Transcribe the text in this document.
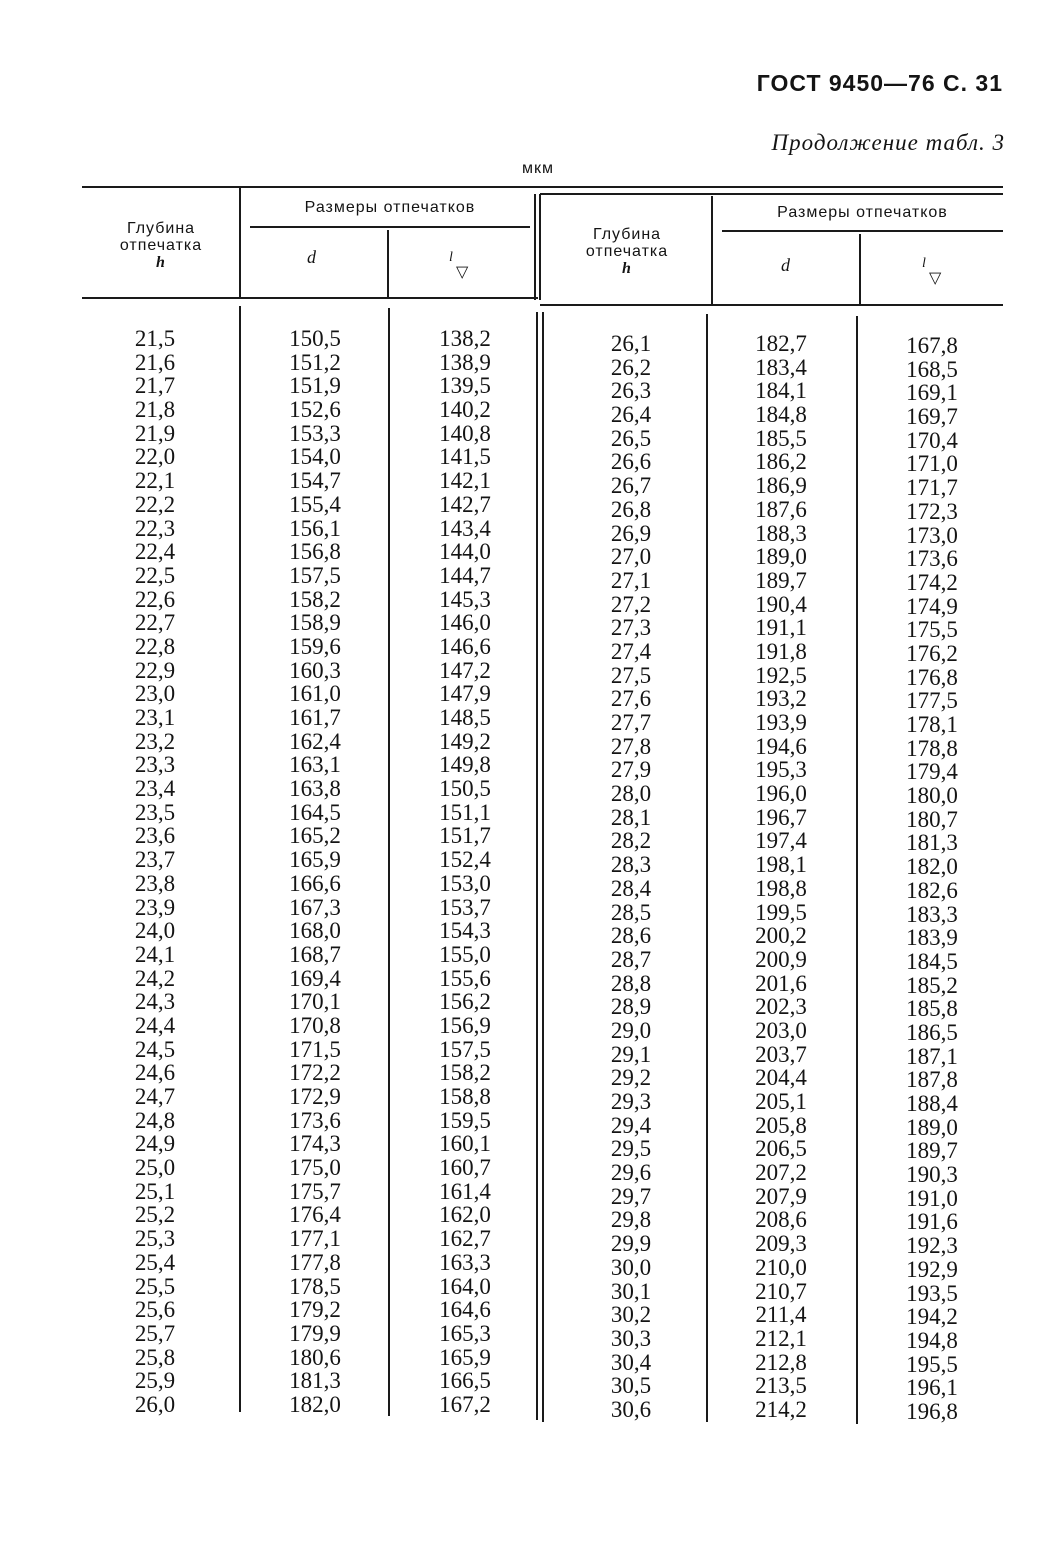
ГОСТ 9450—76 С. 31
Продолжение табл. 3
мкм
Глубина
отпечатка
h
Размеры отпечатков
d	l
▽
Глубина
отпечатка
h
Размеры отпечатков
d	l
▽
21,5
21,6
21,7
21,8
21,9
22,0
22,1
22,2
22,3
22,4
22,5
22,6
22,7
22,8
22,9
23,0
23,1
23,2
23,3
23,4
23,5
23,6
23,7
23,8
23,9
24,0
24,1
24,2
24,3
24,4
24,5
24,6
24,7
24,8
24,9
25,0
25,1
25,2
25,3
25,4
25,5
25,6
25,7
25,8
25,9
26,0
150,5
151,2
151,9
152,6
153,3
154,0
154,7
155,4
156,1
156,8
157,5
158,2
158,9
159,6
160,3
161,0
161,7
162,4
163,1
163,8
164,5
165,2
165,9
166,6
167,3
168,0
168,7
169,4
170,1
170,8
171,5
172,2
172,9
173,6
174,3
175,0
175,7
176,4
177,1
177,8
178,5
179,2
179,9
180,6
181,3
182,0
138,2
138,9
139,5
140,2
140,8
141,5
142,1
142,7
143,4
144,0
144,7
145,3
146,0
146,6
147,2
147,9
148,5
149,2
149,8
150,5
151,1
151,7
152,4
153,0
153,7
154,3
155,0
155,6
156,2
156,9
157,5
158,2
158,8
159,5
160,1
160,7
161,4
162,0
162,7
163,3
164,0
164,6
165,3
165,9
166,5
167,2
26,1
26,2
26,3
26,4
26,5
26,6
26,7
26,8
26,9
27,0
27,1
27,2
27,3
27,4
27,5
27,6
27,7
27,8
27,9
28,0
28,1
28,2
28,3
28,4
28,5
28,6
28,7
28,8
28,9
29,0
29,1
29,2
29,3
29,4
29,5
29,6
29,7
29,8
29,9
30,0
30,1
30,2
30,3
30,4
30,5
30,6
182,7
183,4
184,1
184,8
185,5
186,2
186,9
187,6
188,3
189,0
189,7
190,4
191,1
191,8
192,5
193,2
193,9
194,6
195,3
196,0
196,7
197,4
198,1
198,8
199,5
200,2
200,9
201,6
202,3
203,0
203,7
204,4
205,1
205,8
206,5
207,2
207,9
208,6
209,3
210,0
210,7
211,4
212,1
212,8
213,5
214,2
167,8
168,5
169,1
169,7
170,4
171,0
171,7
172,3
173,0
173,6
174,2
174,9
175,5
176,2
176,8
177,5
178,1
178,8
179,4
180,0
180,7
181,3
182,0
182,6
183,3
183,9
184,5
185,2
185,8
186,5
187,1
187,8
188,4
189,0
189,7
190,3
191,0
191,6
192,3
192,9
193,5
194,2
194,8
195,5
196,1
196,8
